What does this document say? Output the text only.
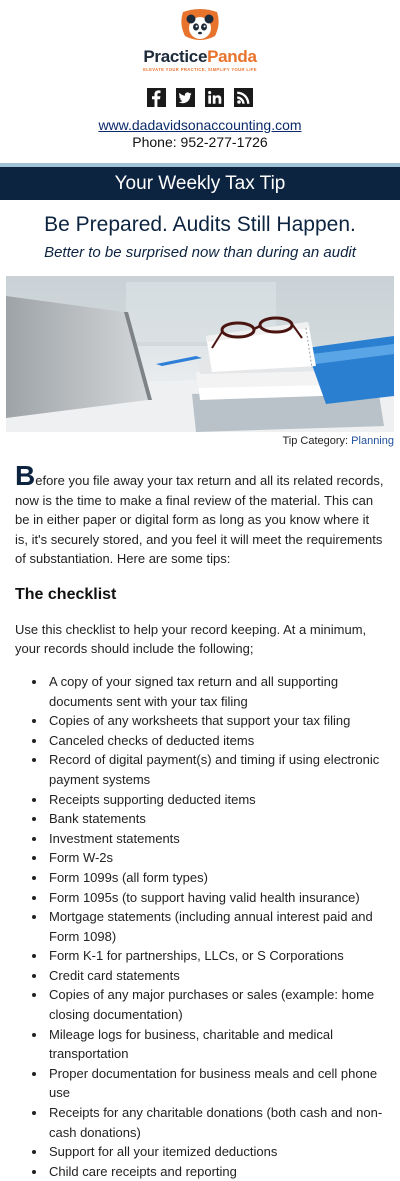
PracticePanda
ELEVATE YOUR PRACTICE. SIMPLIFY YOUR LIFE
www.dadavidsonaccounting.com
Phone: 952-277-1726
Your Weekly Tax Tip
Be Prepared. Audits Still Happen.
Better to be surprised now than during an audit
Tip Category: Planning

Before you file away your tax return and all its related records, now is the time to make a final review of the material. This can be in either paper or digital form as long as you know where it is, it's securely stored, and you feel it will meet the requirements of substantiation. Here are some tips:

The checklist

Use this checklist to help your record keeping. At a minimum, your records should include the following;

• A copy of your signed tax return and all supporting documents sent with your tax filing
• Copies of any worksheets that support your tax filing
• Canceled checks of deducted items
• Record of digital payment(s) and timing if using electronic payment systems
• Receipts supporting deducted items
• Bank statements
• Investment statements
• Form W-2s
• Form 1099s (all form types)
• Form 1095s (to support having valid health insurance)
• Mortgage statements (including annual interest paid and Form 1098)
• Form K-1 for partnerships, LLCs, or S Corporations
• Credit card statements
• Copies of any major purchases or sales (example: home closing documentation)
• Mileage logs for business, charitable and medical transportation
• Proper documentation for business meals and cell phone use
• Receipts for any charitable donations (both cash and non-cash donations)
• Support for all your itemized deductions
• Child care receipts and reporting
